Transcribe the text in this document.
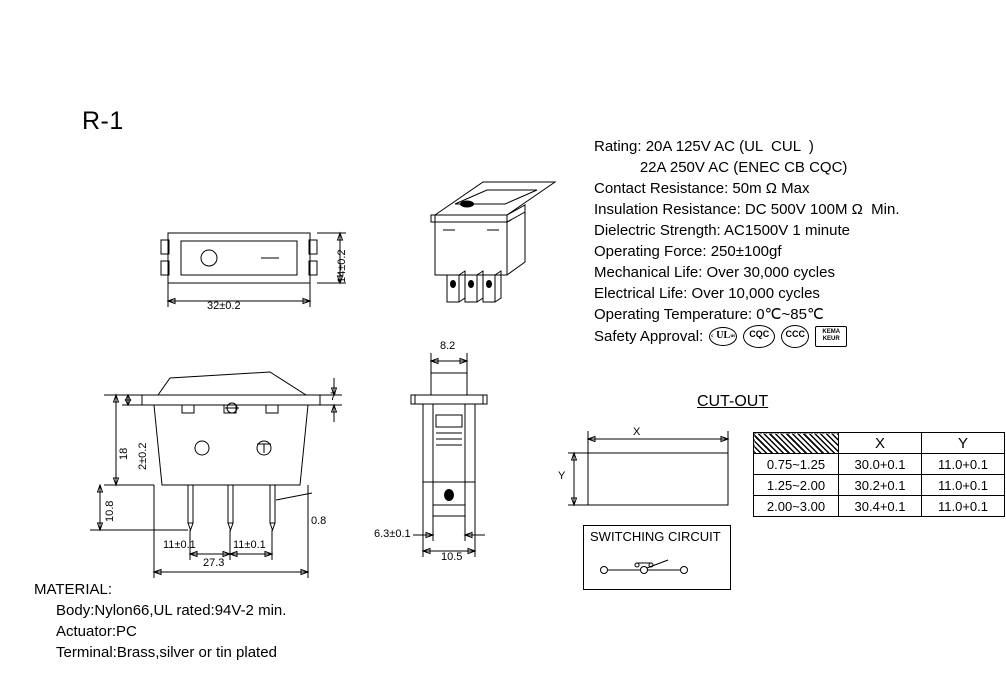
R-1
Rating: 20A 125V AC (UL  CUL  )
22A 250V AC (ENEC CB CQC)
Contact Resistance: 50m Ω Max
Insulation Resistance: DC 500V 100M Ω  Min.
Dielectric Strength: AC1500V 1 minute
Operating Force: 250±100gf
Mechanical Life: Over 30,000 cycles
Electrical Life: Over 10,000 cycles
Operating Temperature: 0℃~85℃
Safety Approval: c UL us	CQC	CCC	KEMA
KEUR
32±0.2
14±0.2
18 2±0.2
10.8
7
0.8
11±0.1	11±0.1
27.3
8.2
6.3±0.1
10.5
CUT-OUT
X
Y
	X	Y
0.75~1.25	30.0+0.1	11.0+0.1
1.25~2.00	30.2+0.1	11.0+0.1
2.00~3.00	30.4+0.1	11.0+0.1
SWITCHING CIRCUIT
MATERIAL:
Body:Nylon66,UL rated:94V-2 min.
Actuator:PC
Terminal:Brass,silver or tin plated
